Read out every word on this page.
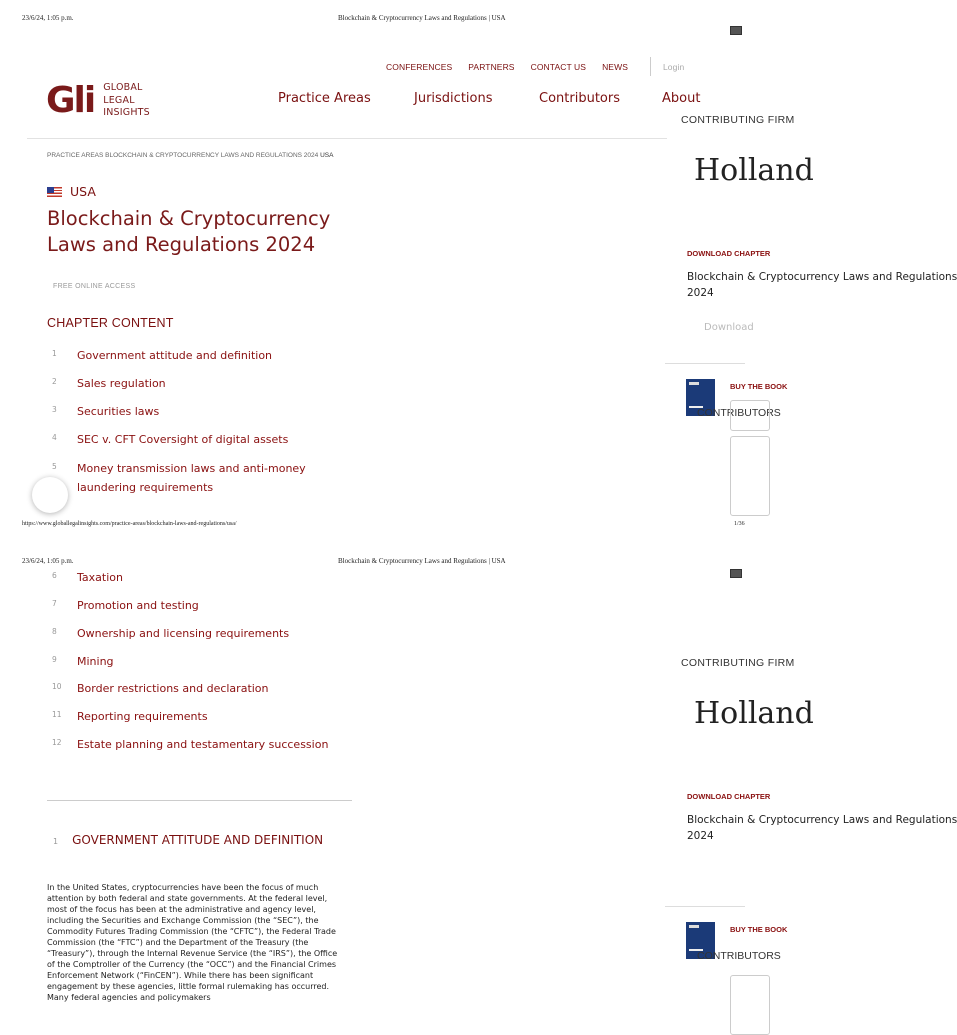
23/6/24, 1:05 p.m.	Blockchain & Cryptocurrency Laws and Regulations | USA
CONFERENCES PARTNERS CONTACT US NEWS	Login
Gli GLOBAL
LEGAL
INSIGHTS
Practice Areas	Jurisdictions	Contributors	About
PRACTICE AREAS BLOCKCHAIN & CRYPTOCURRENCY LAWS AND REGULATIONS 2024 USA
USA
Blockchain & Cryptocurrency Laws and Regulations 2024
FREE ONLINE ACCESS
CHAPTER CONTENT
1	Government attitude and definition
2	Sales regulation
3	Securities laws
4	SEC v. CFT Coversight of digital assets
5	Money transmission laws and anti-money laundering requirements
CONTRIBUTING FIRM
Holland
DOWNLOAD CHAPTER
Blockchain & Cryptocurrency Laws and Regulations
2024
Download
BUY THE BOOK
CONTRIBUTORS
https://www.globallegalinsights.com/practice-areas/blockchain-laws-and-regulations/usa/	1/36
23/6/24, 1:05 p.m.	Blockchain & Cryptocurrency Laws and Regulations | USA
6	Taxation
7	Promotion and testing
8	Ownership and licensing requirements
9	Mining
10	Border restrictions and declaration
11	Reporting requirements
12	Estate planning and testamentary succession
1 GOVERNMENT ATTITUDE AND DEFINITION
In the United States, cryptocurrencies have been the focus of much attention by both federal and state governments. At the federal level, most of the focus has been at the administrative and agency level, including the Securities and Exchange Commission (the “SEC”), the Commodity Futures Trading Commission (the “CFTC”), the Federal Trade Commission (the “FTC”) and the Department of the Treasury (the “Treasury”), through the Internal Revenue Service (the “IRS”), the Office of the Comptroller of the Currency (the “OCC”) and the Financial Crimes Enforcement Network (“FinCEN”). While there has been significant engagement by these agencies, little formal rulemaking has occurred. Many federal agencies and policymakers
CONTRIBUTING FIRM
Holland
DOWNLOAD CHAPTER
Blockchain & Cryptocurrency Laws and Regulations
2024
BUY THE BOOK
CONTRIBUTORS
